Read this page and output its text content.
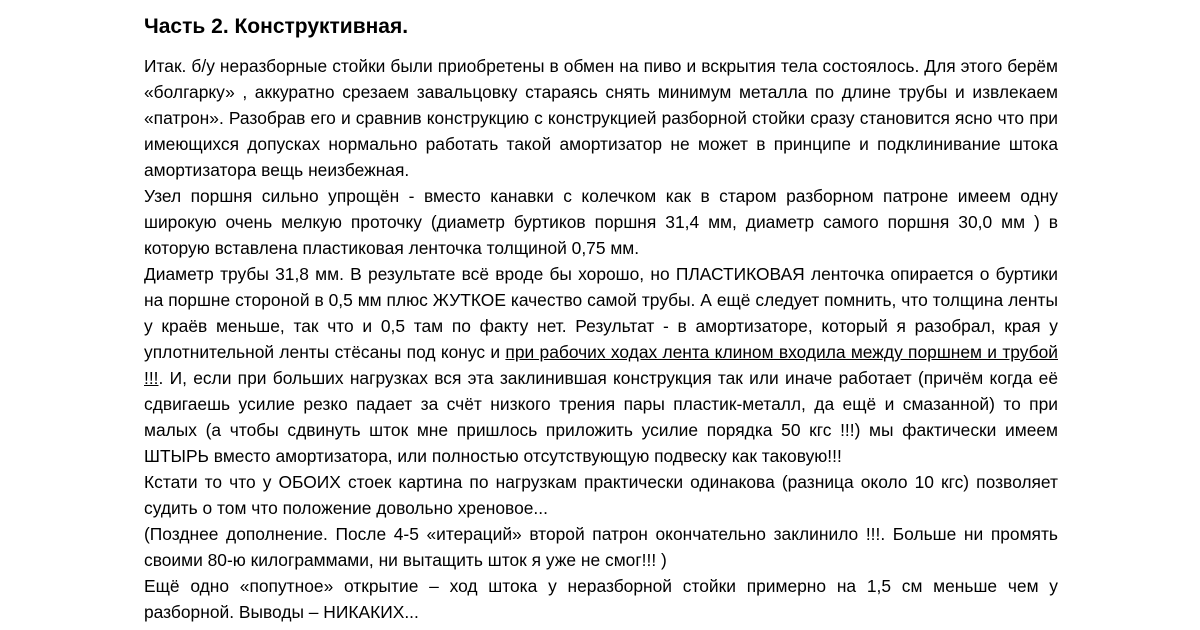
Часть 2. Конструктивная.

Итак. б/у неразборные стойки были приобретены в обмен на пиво и вскрытия тела состоялось. Для этого берём «болгарку» , аккуратно срезаем завальцовку стараясь снять минимум металла по длине трубы и извлекаем «патрон». Разобрав его и сравнив конструкцию с конструкцией разборной стойки сразу становится ясно что при имеющихся допусках нормально работать такой амортизатор не может в принципе и подклинивание штока амортизатора вещь неизбежная.

Узел поршня сильно упрощён - вместо канавки с колечком как в старом разборном патроне имеем одну широкую очень мелкую проточку (диаметр буртиков поршня 31,4 мм, диаметр самого поршня 30,0 мм ) в которую вставлена пластиковая ленточка толщиной 0,75 мм.

Диаметр трубы 31,8 мм. В результате всё вроде бы хорошо, но ПЛАСТИКОВАЯ ленточка опирается о буртики на поршне стороной в 0,5 мм плюс ЖУТКОЕ качество самой трубы. А ещё следует помнить, что толщина ленты у краёв меньше, так что и 0,5 там по факту нет. Результат - в амортизаторе, который я разобрал, края у уплотнительной ленты стёсаны под конус и при рабочих ходах лента клином входила между поршнем и трубой !!!. И, если при больших нагрузках вся эта заклинившая конструкция так или иначе работает (причём когда её сдвигаешь усилие резко падает за счёт низкого трения пары пластик-металл, да ещё и смазанной) то при малых (а чтобы сдвинуть шток мне пришлось приложить усилие порядка 50 кгс !!!) мы фактически имеем ШТЫРЬ вместо амортизатора, или полностью отсутствующую подвеску как таковую!!!

Кстати то что у ОБОИХ стоек картина по нагрузкам практически одинакова (разница около 10 кгс) позволяет судить о том что положение довольно хреновое...

(Позднее дополнение. После 4-5 «итераций» второй патрон окончательно заклинило !!!. Больше ни промять своими 80-ю килограммами, ни вытащить шток я уже не смог!!! )

Ещё одно «попутное» открытие – ход штока у неразборной стойки примерно на 1,5 см меньше чем у разборной. Выводы – НИКАКИХ...
